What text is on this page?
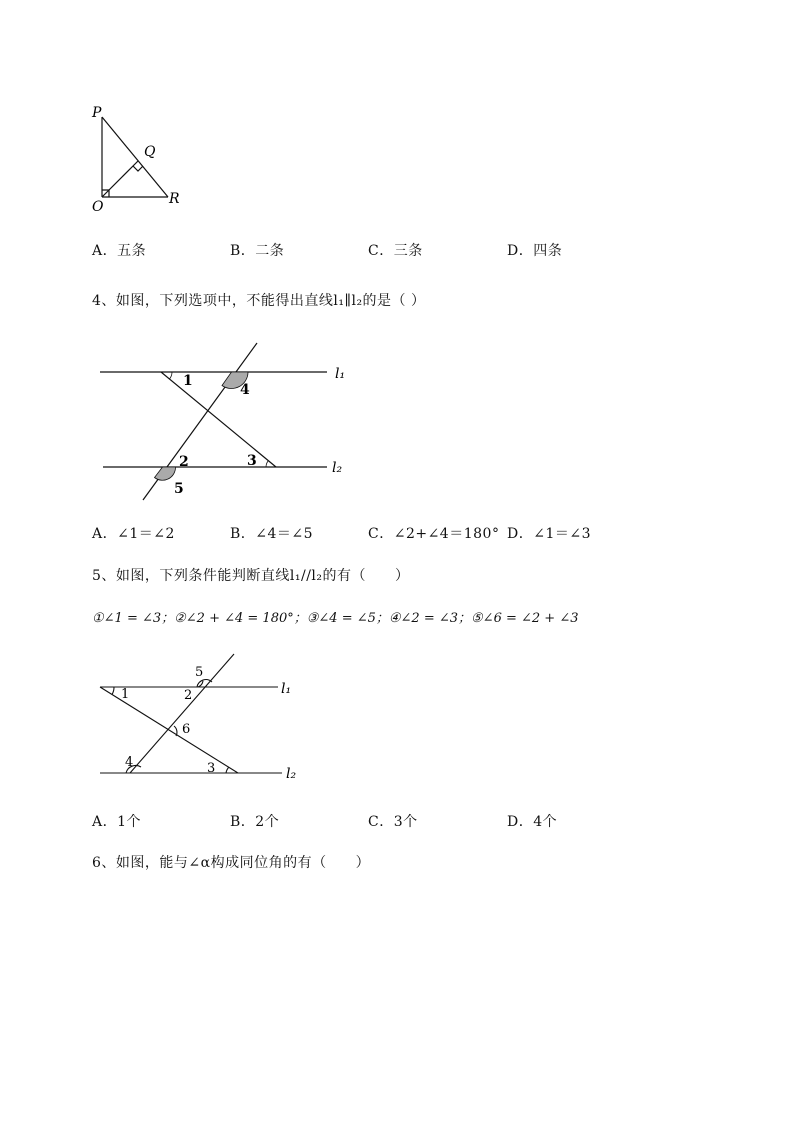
P
Q
O	R
A．五条	B．二条	C．三条	D．四条
4、如图，下列选项中，不能得出直线l₁∥l₂的是（ ）
1
4
2	3
5
l₁
l₂
A．∠1＝∠2	B．∠4＝∠5	C．∠2+∠4＝180° D．∠1＝∠3
5、如图，下列条件能判断直线l₁//l₂的有（　　）
①∠1 = ∠3；②∠2 + ∠4 = 180°；③∠4 = ∠5；④∠2 = ∠3；⑤∠6 = ∠2 + ∠3
1	2
5
6
4	3
l₁
l₂
A．1个	B．2个	C．3个	D．4个
6、如图，能与∠α构成同位角的有（　　）
